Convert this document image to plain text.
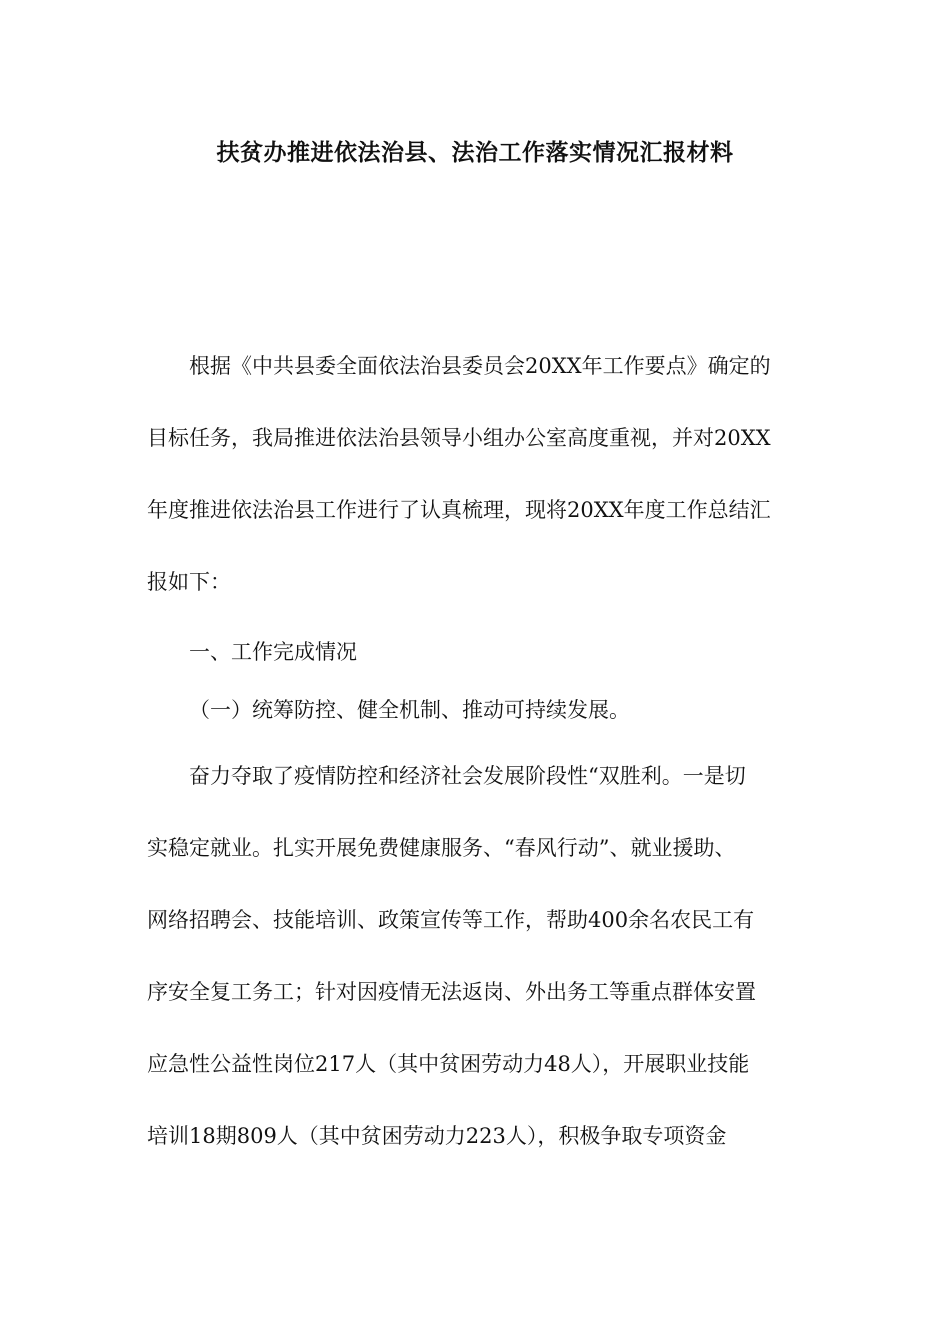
扶贫办推进依法治县、法治工作落实情况汇报材料
根据《中共县委全面依法治县委员会20XX年工作要点》确定的
目标任务，我局推进依法治县领导小组办公室高度重视，并对20XX
年度推进依法治县工作进行了认真梳理，现将20XX年度工作总结汇
报如下：
一、工作完成情况
（一）统筹防控、健全机制、推动可持续发展。
奋力夺取了疫情防控和经济社会发展阶段性“双胜利。一是切
实稳定就业。扎实开展免费健康服务、“春风行动”、就业援助、
网络招聘会、技能培训、政策宣传等工作，帮助400余名农民工有
序安全复工务工；针对因疫情无法返岗、外出务工等重点群体安置
应急性公益性岗位217人（其中贫困劳动力48人），开展职业技能
培训18期809人（其中贫困劳动力223人），积极争取专项资金
